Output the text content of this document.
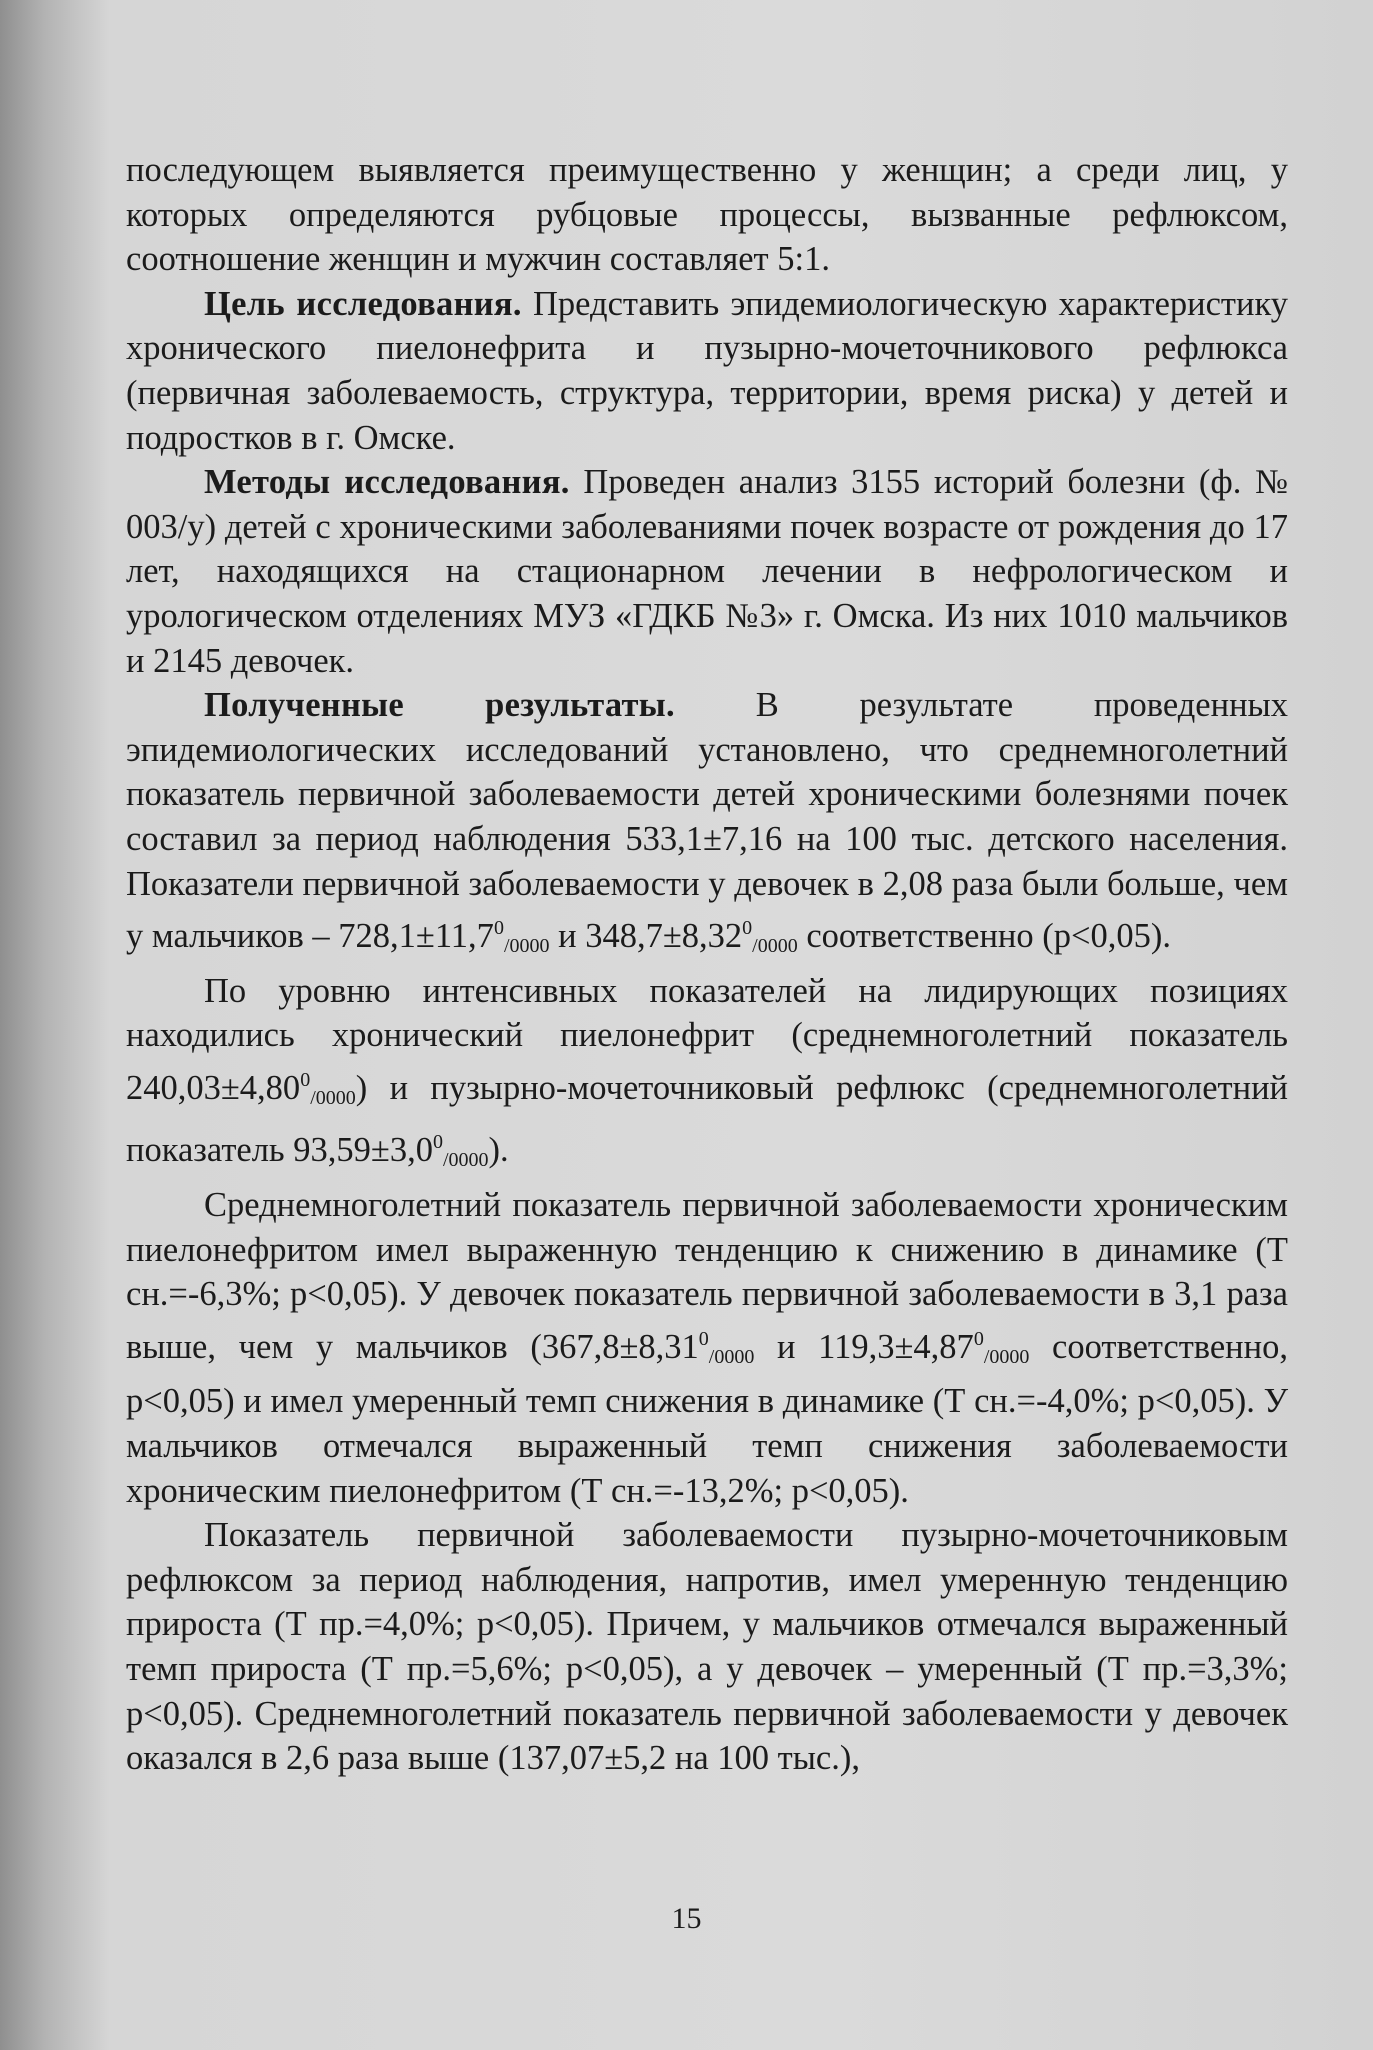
последующем выявляется преимущественно у женщин; а среди лиц, у которых определяются рубцовые процессы, вызванные рефлюксом, соотношение женщин и мужчин составляет 5:1.

Цель исследования. Представить эпидемиологическую характеристику хронического пиелонефрита и пузырно-мочеточникового рефлюкса (первичная заболеваемость, структура, территории, время риска) у детей и подростков в г. Омске.

Методы исследования. Проведен анализ 3155 историй болезни (ф. № 003/у) детей с хроническими заболеваниями почек возрасте от рождения до 17 лет, находящихся на стационарном лечении в нефрологическом и урологическом отделениях МУЗ «ГДКБ №3» г. Омска. Из них 1010 мальчиков и 2145 девочек.

Полученные результаты. В результате проведенных эпидемиологических исследований установлено, что среднемноголетний показатель первичной заболеваемости детей хроническими болезнями почек составил за период наблюдения 533,1±7,16 на 100 тыс. детского населения. Показатели первичной заболеваемости у девочек в 2,08 раза были больше, чем у мальчиков – $728,1\pm 11,7^0_{/0000}$ и $348,7\pm 8,32^0_{/0000}$ соответственно (p<0,05).

По уровню интенсивных показателей на лидирующих позициях находились хронический пиелонефрит (среднемноголетний показатель $240,03\pm 4,80^0_{/0000}$) и пузырно-мочеточниковый рефлюкс (среднемноголетний показатель $93,59\pm 3,0^0_{/0000}$).

Среднемноголетний показатель первичной заболеваемости хроническим пиелонефритом имел выраженную тенденцию к снижению в динамике (Т сн.=-6,3%; p<0,05). У девочек показатель первичной заболеваемости в 3,1 раза выше, чем у мальчиков ($367,8\pm 8,31^0_{/0000}$ и $119,3\pm 4,87^0_{/0000}$ соответственно, p<0,05) и имел умеренный темп снижения в динамике (Т сн.=-4,0%; p<0,05). У мальчиков отмечался выраженный темп снижения заболеваемости хроническим пиелонефритом (Т сн.=-13,2%; p<0,05).

Показатель первичной заболеваемости пузырно-мочеточниковым рефлюксом за период наблюдения, напротив, имел умеренную тенденцию прироста (Т пр.=4,0%; p<0,05). Причем, у мальчиков отмечался выраженный темп прироста (Т пр.=5,6%; p<0,05), а у девочек – умеренный (Т пр.=3,3%; p<0,05). Среднемноголетний показатель первичной заболеваемости у девочек оказался в 2,6 раза выше (137,07±5,2 на 100 тыс.),

15
